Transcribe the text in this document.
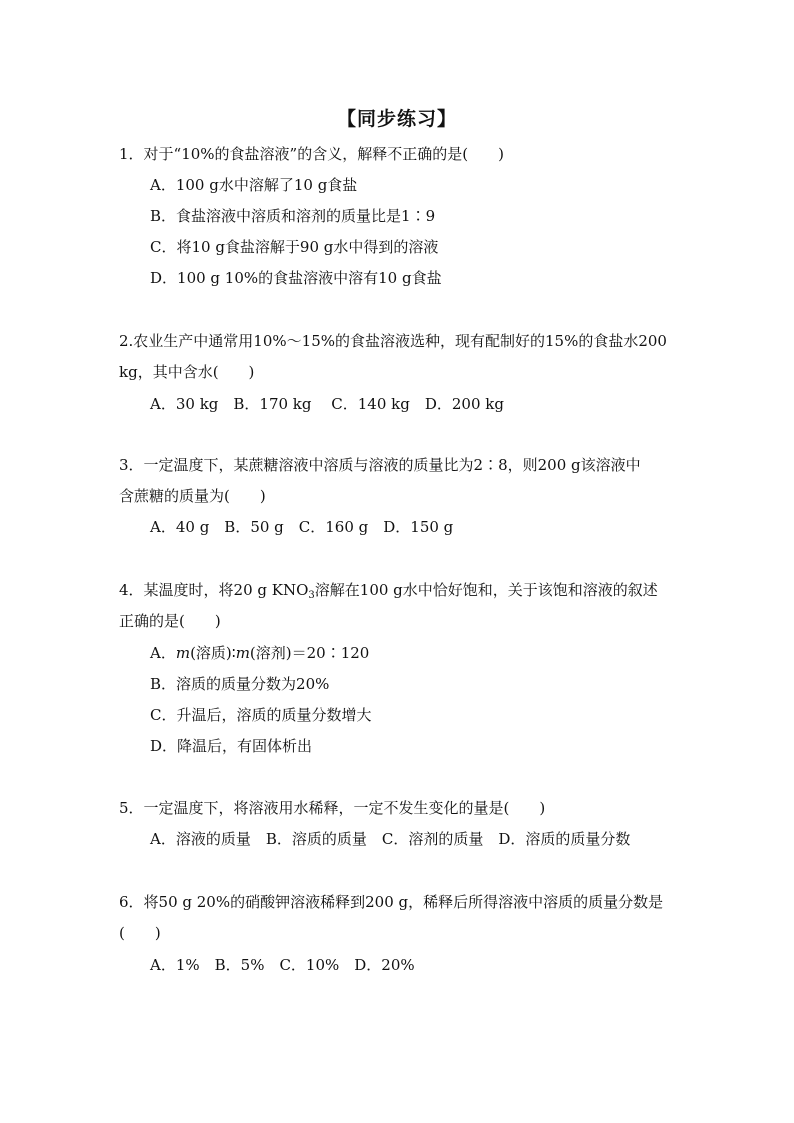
【同步练习】
1．对于“10%的食盐溶液”的含义，解释不正确的是(　　)
A．100 g水中溶解了10 g食盐
B．食盐溶液中溶质和溶剂的质量比是1∶9
C．将10 g食盐溶解于90 g水中得到的溶液
D．100 g 10%的食盐溶液中溶有10 g食盐
2.农业生产中通常用10%～15%的食盐溶液选种，现有配制好的15%的食盐水200
kg，其中含水(　　)
A．30 kg　B．170 kg　 C．140 kg　D．200 kg
3．一定温度下，某蔗糖溶液中溶质与溶液的质量比为2∶8，则200 g该溶液中
含蔗糖的质量为(　　)
A．40 g　B．50 g　C．160 g　D．150 g
4．某温度时，将20 g $KNO_3$溶解在100 g水中恰好饱和，关于该饱和溶液的叙述
正确的是(　　)
A．m(溶质)∶m(溶剂)＝20∶120
B．溶质的质量分数为20%
C．升温后，溶质的质量分数增大
D．降温后，有固体析出
5．一定温度下，将溶液用水稀释，一定不发生变化的量是(　　)
A．溶液的质量　B．溶质的质量　C．溶剂的质量　D．溶质的质量分数
6．将50 g 20%的硝酸钾溶液稀释到200 g，稀释后所得溶液中溶质的质量分数是
(　　)
A．1%　B．5%　C．10%　D．20%
